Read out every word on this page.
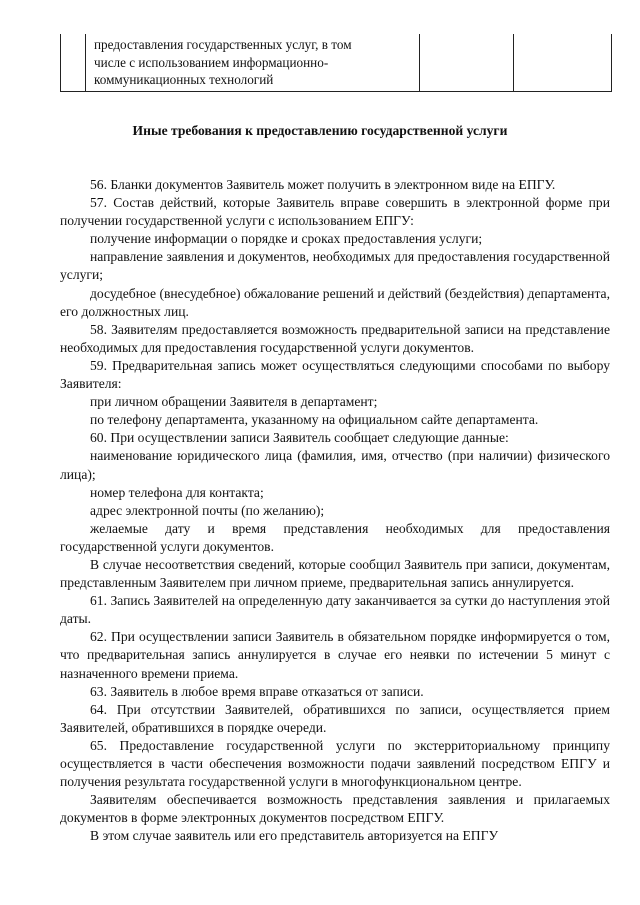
предоставления государственных услуг, в том
числе с использованием информационно-
коммуникационных технологий
Иные требования к предоставлению государственной услуги

56. Бланки документов Заявитель может получить в электронном виде на ЕПГУ.

57. Состав действий, которые Заявитель вправе совершить в электронной форме при получении государственной услуги с использованием ЕПГУ:

получение информации о порядке и сроках предоставления услуги;

направление заявления и документов, необходимых для предоставления государственной услуги;

досудебное (внесудебное) обжалование решений и действий (бездействия) департамента, его должностных лиц.

58. Заявителям предоставляется возможность предварительной записи на представление необходимых для предоставления государственной услуги документов.

59. Предварительная запись может осуществляться следующими способами по выбору Заявителя:

при личном обращении Заявителя в департамент;

по телефону департамента, указанному на официальном сайте департамента.

60. При осуществлении записи Заявитель сообщает следующие данные:

наименование юридического лица (фамилия, имя, отчество (при наличии) физического лица);

номер телефона для контакта;

адрес электронной почты (по желанию);

желаемые дату и время представления необходимых для предоставления государственной услуги документов.

В случае несоответствия сведений, которые сообщил Заявитель при записи, документам, представленным Заявителем при личном приеме, предварительная запись аннулируется.

61. Запись Заявителей на определенную дату заканчивается за сутки до наступления этой даты.

62. При осуществлении записи Заявитель в обязательном порядке информируется о том, что предварительная запись аннулируется в случае его неявки по истечении 5 минут с назначенного времени приема.

63. Заявитель в любое время вправе отказаться от записи.

64. При отсутствии Заявителей, обратившихся по записи, осуществляется прием Заявителей, обратившихся в порядке очереди.

65. Предоставление государственной услуги по экстерриториальному принципу осуществляется в части обеспечения возможности подачи заявлений посредством ЕПГУ и получения результата государственной услуги в многофункциональном центре.

Заявителям обеспечивается возможность представления заявления и прилагаемых документов в форме электронных документов посредством ЕПГУ.

В этом случае заявитель или его представитель авторизуется на ЕПГУ
